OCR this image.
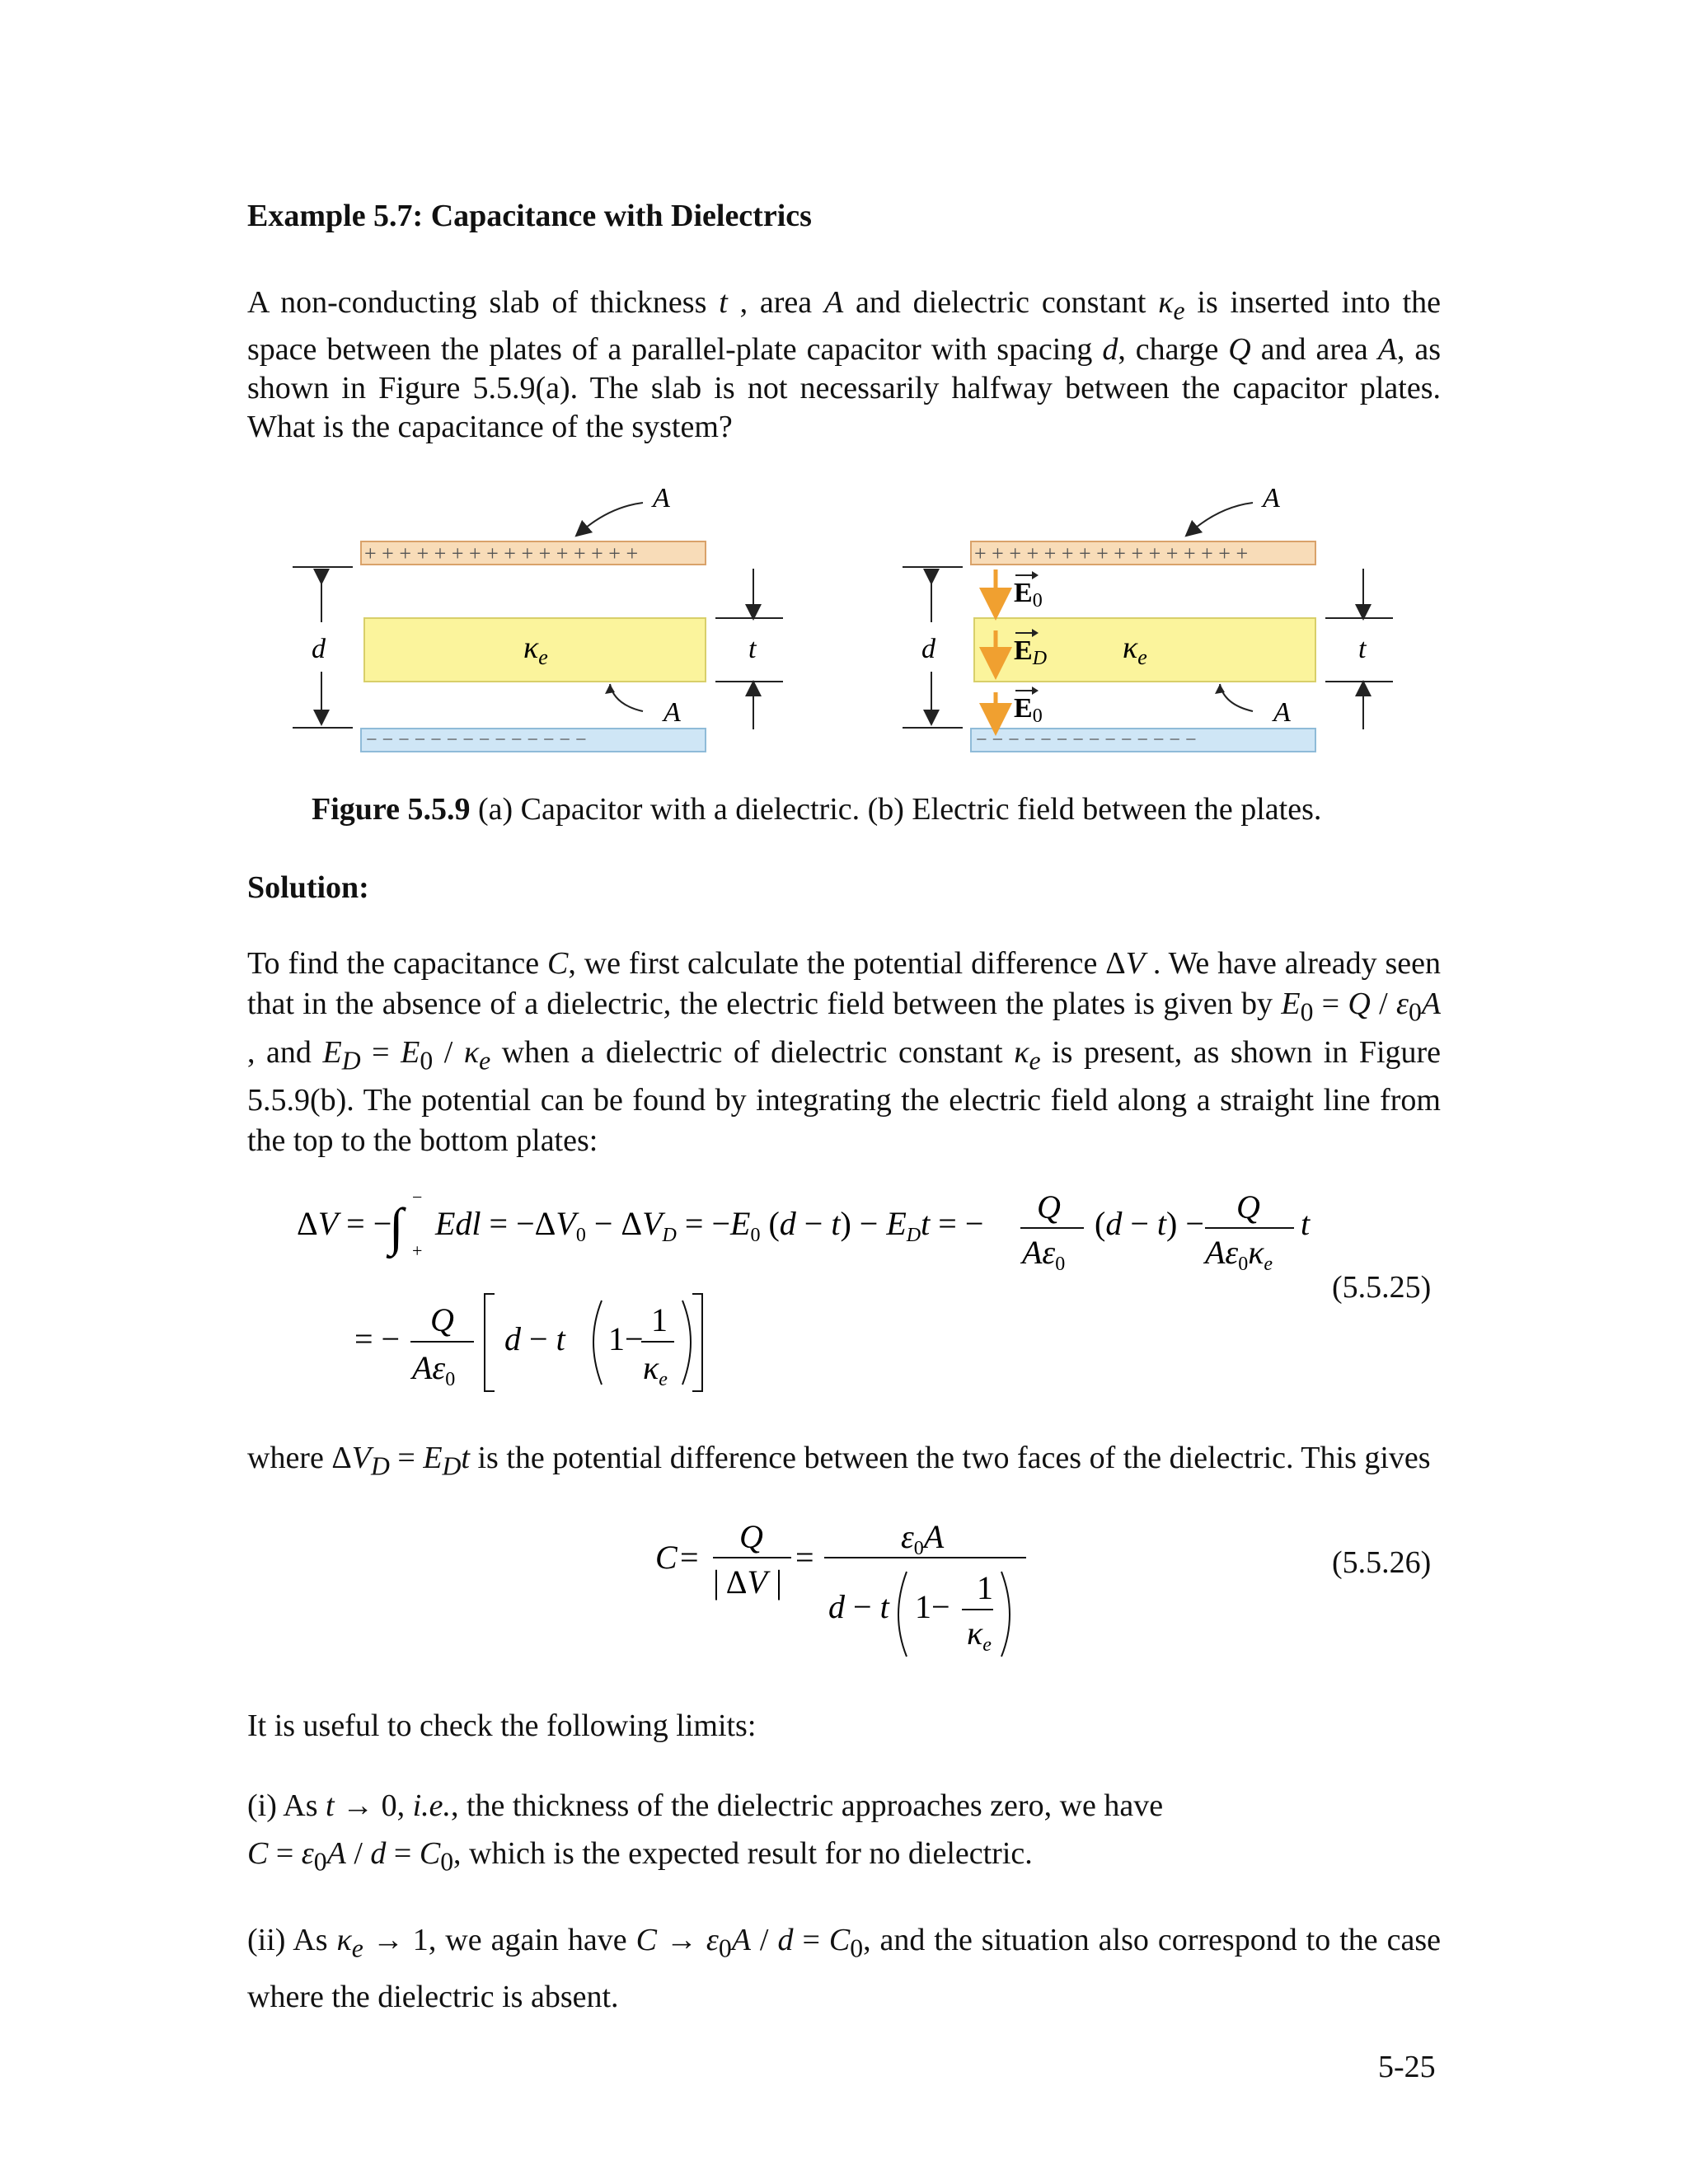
Example 5.7: Capacitance with Dielectrics

A non-conducting slab of thickness t , area A and dielectric constant $\kappa_e$ is inserted into the space between the plates of a parallel-plate capacitor with spacing d, charge Q and area A, as shown in Figure 5.5.9(a). The slab is not necessarily halfway between the capacitor plates. What is the capacitance of the system?

A
+ + + + + + + + + + + + + + + +
$\kappa_e$
− − − − − − − − − − − − − −
A
d	t
A
+ + + + + + + + + + + + + + + +
$\kappa_e$
− − − − − − − − − − − − − −
A
E0
ED
E0
d	t
Figure 5.5.9 (a) Capacitor with a dielectric. (b) Electric field between the plates.
Solution:

To find the capacitance C, we first calculate the potential difference ΔV . We have already seen that in the absence of a dielectric, the electric field between the plates is given by $E_0 = Q / \varepsilon_0A$ , and $E_D = E_0 / \kappa_e$ when a dielectric of dielectric constant $\kappa_e$ is present, as shown in Figure 5.5.9(b). The potential can be found by integrating the electric field along a straight line from the top to the bottom plates:

ΔV = −
∫
−
+
Edl = $-\Delta V_0 - \Delta V_D = -E_0$ $(d - t) - E_Dt$ = − Q
$A\varepsilon_0$
(d − t) − Q
$A\varepsilon_0\kappa_e$
t
= −
Q
$A\varepsilon_0$
d − t 1−
1
$\kappa_e$
(5.5.25)

where $\Delta V_D = E_Dt$ is the potential difference between the two faces of the dielectric. This gives

C =
Q
| ΔV |
=
$\varepsilon_0A$
d − t 1−
1
$\kappa_e$
(5.5.26)
It is useful to check the following limits:

(i) As t → 0, i.e., the thickness of the dielectric approaches zero, we have
$C = \varepsilon_0A / d = C_0$, which is the expected result for no dielectric.

(ii) As $\kappa_e \to 1$, we again have $C \to \varepsilon_0A / d = C_0$, and the situation also correspond to the case where the dielectric is absent.

5-25
